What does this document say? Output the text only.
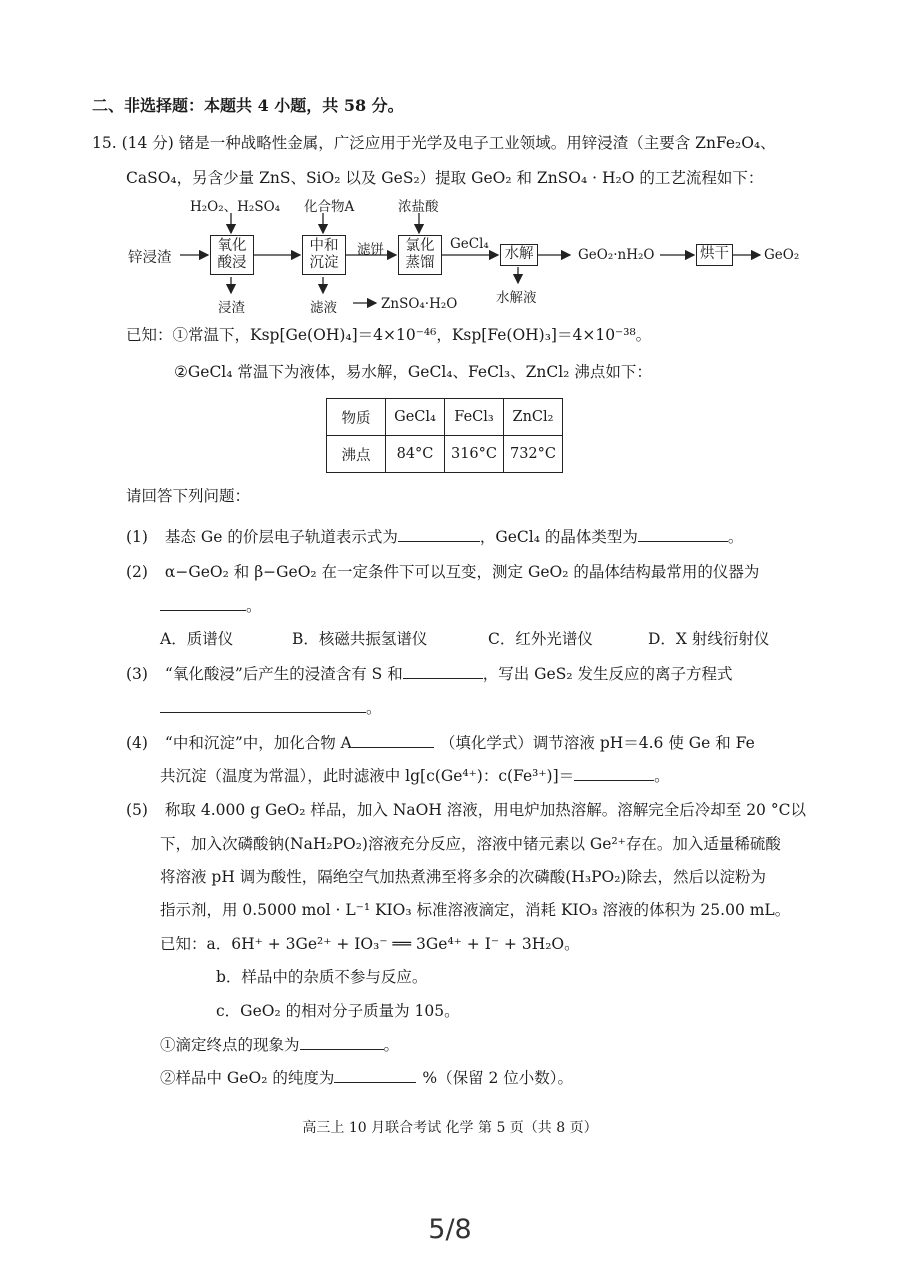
二、非选择题：本题共 4 小题，共 58 分。
15. (14 分) 锗是一种战略性金属，广泛应用于光学及电子工业领域。用锌浸渣（主要含 ZnFe₂O₄、
CaSO₄，另含少量 ZnS、SiO₂ 以及 GeS₂）提取 GeO₂ 和 ZnSO₄ · H₂O 的工艺流程如下：
锌浸渣
氧化
酸浸
中和
沉淀
氯化
蒸馏
水解	烘干
H₂O₂、H₂SO₄ 化合物A	浓盐酸
滤饼	GeCl₄
GeO₂·nH₂O	GeO₂
浸渣	滤液	ZnSO₄·H₂O	水解液
已知：①常温下，Ksp[Ge(OH)₄]＝4×10⁻⁴⁶，Ksp[Fe(OH)₃]＝4×10⁻³⁸。
②GeCl₄ 常温下为液体，易水解，GeCl₄、FeCl₃、ZnCl₂ 沸点如下：
物质	GeCl₄	FeCl₃	ZnCl₂
沸点	84°C	316°C	732°C
请回答下列问题：
(1) 基态 Ge 的价层电子轨道表示式为	，GeCl₄ 的晶体类型为	。
(2) α−GeO₂ 和 β−GeO₂ 在一定条件下可以互变，测定 GeO₂ 的晶体结构最常用的仪器为
。
A．质谱仪	B．核磁共振氢谱仪	C．红外光谱仪	D．X 射线衍射仪
(3) “氧化酸浸”后产生的浸渣含有 S 和	，写出 GeS₂ 发生反应的离子方程式
。
(4) “中和沉淀”中，加化合物 A	（填化学式）调节溶液 pH＝4.6 使 Ge 和 Fe
共沉淀（温度为常温），此时滤液中 lg[c(Ge⁴⁺)：c(Fe³⁺)]＝	。
(5) 称取 4.000 g GeO₂ 样品，加入 NaOH 溶液，用电炉加热溶解。溶解完全后冷却至 20 °C以
下，加入次磷酸钠(NaH₂PO₂)溶液充分反应，溶液中锗元素以 Ge²⁺存在。加入适量稀硫酸
将溶液 pH 调为酸性，隔绝空气加热煮沸至将多余的次磷酸(H₃PO₂)除去，然后以淀粉为
指示剂，用 0.5000 mol · L⁻¹ KIO₃ 标准溶液滴定，消耗 KIO₃ 溶液的体积为 25.00 mL。
已知：a．6H⁺ + 3Ge²⁺ + IO₃⁻ ══ 3Ge⁴⁺ + I⁻ + 3H₂O。
b．样品中的杂质不参与反应。
c．GeO₂ 的相对分子质量为 105。
①滴定终点的现象为	。
②样品中 GeO₂ 的纯度为	%（保留 2 位小数）。
高三上 10 月联合考试 化学 第 5 页（共 8 页）
5/8
